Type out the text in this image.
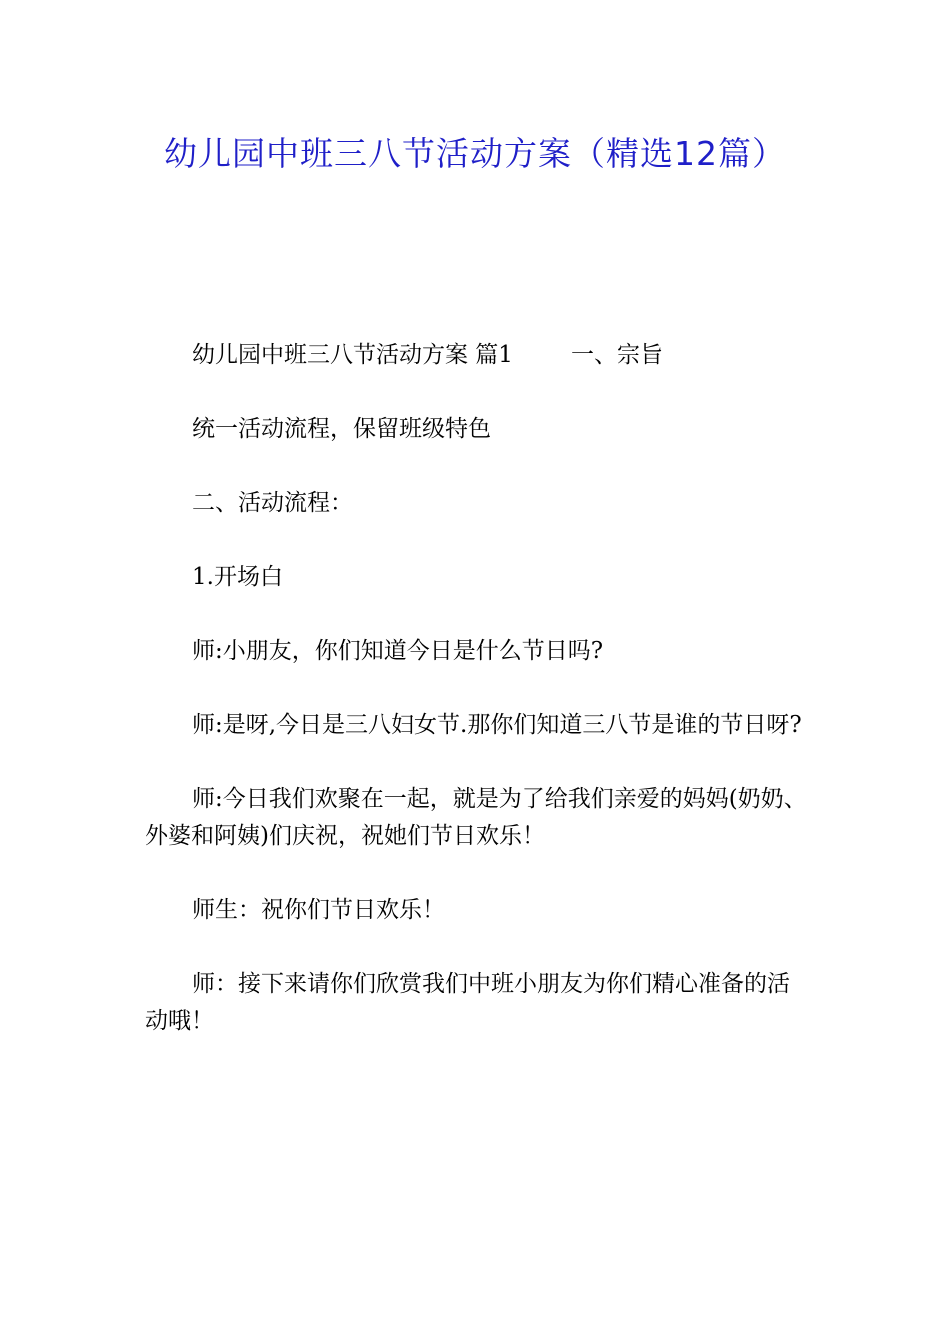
幼儿园中班三八节活动方案（精选12篇）

幼儿园中班三八节活动方案 篇1	一、宗旨

统一活动流程，保留班级特色

二、活动流程：

1.开场白

师:小朋友，你们知道今日是什么节日吗?

师:是呀,今日是三八妇女节.那你们知道三八节是谁的节日呀?

师:今日我们欢聚在一起，就是为了给我们亲爱的妈妈(奶奶、外婆和阿姨)们庆祝，祝她们节日欢乐！

师生：祝你们节日欢乐！

师：接下来请你们欣赏我们中班小朋友为你们精心准备的活动哦！
